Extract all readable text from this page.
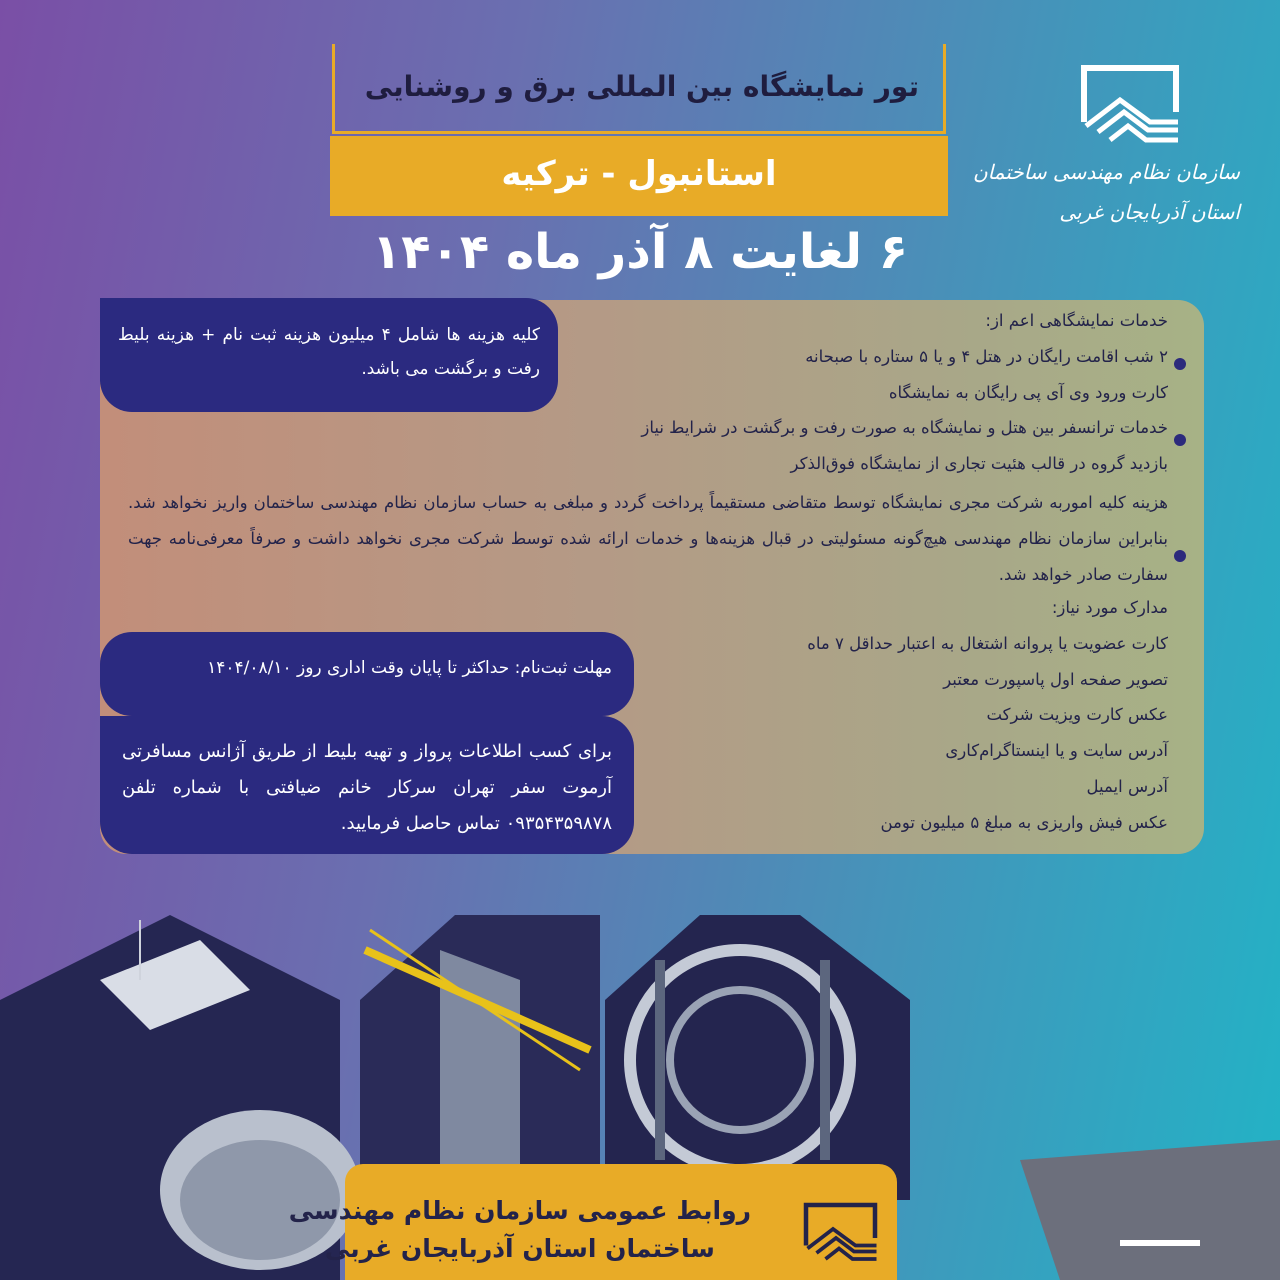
تور نمایشگاه بین المللی برق و روشنایی
استانبول - ترکیه
۶ لغایت ۸ آذر ماه ۱۴۰۴
سازمان نظام مهندسی ساختمان
استان آذربایجان غربی
خدمات نمایشگاهی اعم از:
۲ شب اقامت رایگان در هتل ۴ و یا ۵ ستاره با صبحانه
کارت ورود وی آی پی رایگان به نمایشگاه
خدمات ترانسفر بین هتل و نمایشگاه به صورت رفت و برگشت در شرایط نیاز
بازدید گروه در قالب هئیت تجاری از نمایشگاه فوق‌الذکر
هزینه کلیه اموربه شرکت مجری نمایشگاه توسط متقاضی مستقیماً پرداخت گردد و مبلغی به حساب سازمان نظام مهندسی ساختمان واریز نخواهد شد. بنابراین سازمان نظام مهندسی هیچ‌گونه مسئولیتی در قبال هزینه‌ها و خدمات ارائه شده توسط شرکت مجری نخواهد داشت و صرفاً معرفی‌نامه جهت سفارت صادر خواهد شد.
مدارک مورد نیاز:
کارت عضویت یا پروانه اشتغال به اعتبار حداقل ۷ ماه
تصویر صفحه اول پاسپورت معتبر
عکس کارت ویزیت شرکت
آدرس سایت و یا اینستاگرام‌کاری
آدرس ایمیل
عکس فیش واریزی به مبلغ ۵ میلیون تومن
کلیه هزینه ها شامل ۴ میلیون هزینه ثبت نام + هزینه بلیط رفت و برگشت می باشد.
مهلت ثبت‌نام: حداکثر تا پایان وقت اداری روز ۱۴۰۴/۰۸/۱۰
برای کسب اطلاعات پرواز و تهیه بلیط از طریق آژانس مسافرتی آرموت سفر تهران سرکار خانم ضیافتی با شماره تلفن ۰۹۳۵۴۳۵۹۸۷۸ تماس حاصل فرمایید.
روابط عمومی سازمان نظام مهندسی
ساختمان استان آذربایجان غربی
